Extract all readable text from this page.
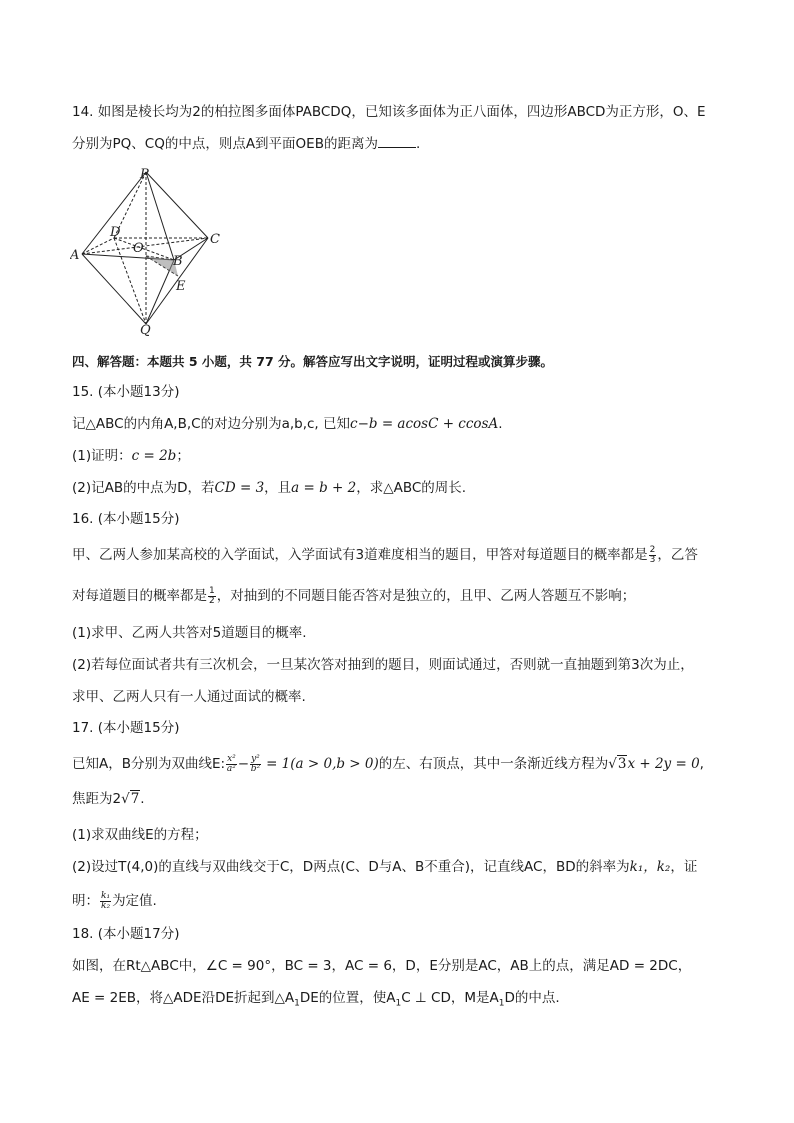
14. 如图是棱长均为2的柏拉图多面体PABCDQ，已知该多面体为正八面体，四边形ABCD为正方形，O、E
分别为PQ、CQ的中点，则点A到平面OEB的距离为	.
P
A
D	C
O
B
E
Q
四、解答题：本题共 5 小题，共 77 分。解答应写出文字说明，证明过程或演算步骤。
15. (本小题13分)
记△ABC的内角A,B,C的对边分别为a,b,c, 已知c−b = acosC + ccosA.
(1)证明：c = 2b；
(2)记AB的中点为D，若CD = 3，且a = b + 2，求△ABC的周长.
16. (本小题15分)
甲、乙两人参加某高校的入学面试，入学面试有3道难度相当的题目，甲答对每道题目的概率都是 $\frac{2}{3}$ ，乙答
对每道题目的概率都是 $\frac{1}{2}$ ，对抽到的不同题目能否答对是独立的，且甲、乙两人答题互不影响；
(1)求甲、乙两人共答对5道题目的概率.
(2)若每位面试者共有三次机会，一旦某次答对抽到的题目，则面试通过，否则就一直抽题到第3次为止，
求甲、乙两人只有一人通过面试的概率.
17. (本小题15分)
已知A，B分别为双曲线E: $\frac{\text{x²}}{\text{a²}} - \frac{\text{y²}}{\text{b²}} = 1(a > 0,b > 0)$的左、右顶点，其中一条渐近线方程为√3x + 2y = 0,
焦距为2√7.
(1)求双曲线E的方程；
(2)设过T(4,0)的直线与双曲线交于C，D两点(C、D与A、B不重合)，记直线AC，BD的斜率为k₁，k₂，证
明： $\frac{\text{k₁}}{\text{k₂}}$ 为定值.
18. (本小题17分)
如图，在Rt△ABC中，∠C = 90°，BC = 3，AC = 6，D，E分别是AC，AB上的点，满足AD = 2DC，
AE = 2EB，将△ADE沿DE折起到$\triangle A_1DE$的位置，使$A_1C$ ⊥ CD，M是$A_1D$的中点.
